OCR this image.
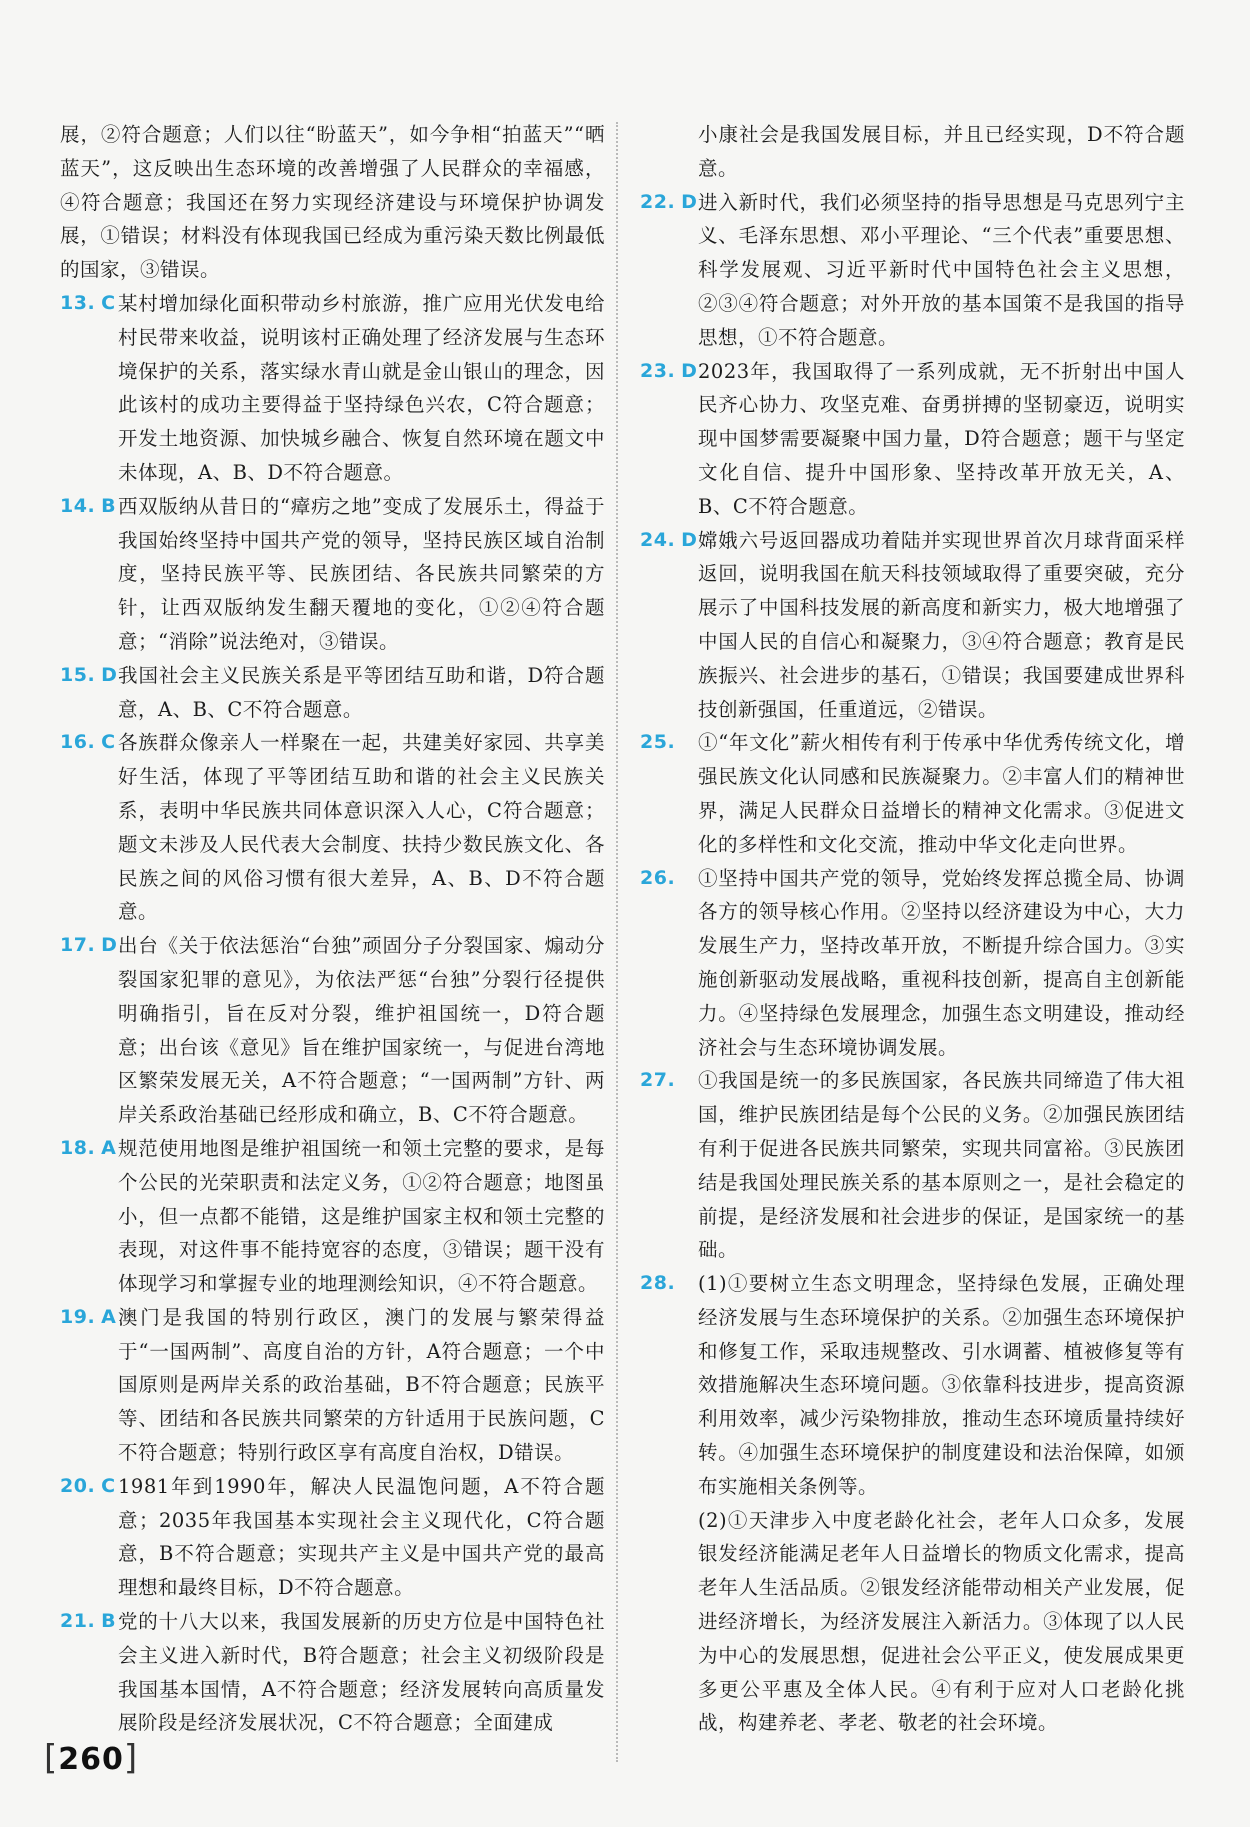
展，②符合题意；人们以往“盼蓝天”，如今争相“拍蓝天”“晒蓝天”，这反映出生态环境的改善增强了人民群众的幸福感，④符合题意；我国还在努力实现经济建设与环境保护协调发展，①错误；材料没有体现我国已经成为重污染天数比例最低的国家，③错误。

13. C 某村增加绿化面积带动乡村旅游，推广应用光伏发电给村民带来收益，说明该村正确处理了经济发展与生态环境保护的关系，落实绿水青山就是金山银山的理念，因此该村的成功主要得益于坚持绿色兴农，C符合题意；开发土地资源、加快城乡融合、恢复自然环境在题文中未体现，A、B、D不符合题意。

14. B 西双版纳从昔日的“瘴疠之地”变成了发展乐土，得益于我国始终坚持中国共产党的领导，坚持民族区域自治制度，坚持民族平等、民族团结、各民族共同繁荣的方针，让西双版纳发生翻天覆地的变化，①②④符合题意；“消除”说法绝对，③错误。

15. D 我国社会主义民族关系是平等团结互助和谐，D符合题意，A、B、C不符合题意。

16. C 各族群众像亲人一样聚在一起，共建美好家园、共享美好生活，体现了平等团结互助和谐的社会主义民族关系，表明中华民族共同体意识深入人心，C符合题意；题文未涉及人民代表大会制度、扶持少数民族文化、各民族之间的风俗习惯有很大差异，A、B、D不符合题意。

17. D 出台《关于依法惩治“台独”顽固分子分裂国家、煽动分裂国家犯罪的意见》，为依法严惩“台独”分裂行径提供明确指引，旨在反对分裂，维护祖国统一，D符合题意；出台该《意见》旨在维护国家统一，与促进台湾地区繁荣发展无关，A不符合题意；“一国两制”方针、两岸关系政治基础已经形成和确立，B、C不符合题意。

18. A 规范使用地图是维护祖国统一和领土完整的要求，是每个公民的光荣职责和法定义务，①②符合题意；地图虽小，但一点都不能错，这是维护国家主权和领土完整的表现，对这件事不能持宽容的态度，③错误；题干没有体现学习和掌握专业的地理测绘知识，④不符合题意。

19. A 澳门是我国的特别行政区，澳门的发展与繁荣得益于“一国两制”、高度自治的方针，A符合题意；一个中国原则是两岸关系的政治基础，B不符合题意；民族平等、团结和各民族共同繁荣的方针适用于民族问题，C不符合题意；特别行政区享有高度自治权，D错误。

20. C 1981年到1990年，解决人民温饱问题，A不符合题意；2035年我国基本实现社会主义现代化，C符合题意，B不符合题意；实现共产主义是中国共产党的最高理想和最终目标，D不符合题意。

21. B 党的十八大以来，我国发展新的历史方位是中国特色社会主义进入新时代，B符合题意；社会主义初级阶段是我国基本国情，A不符合题意；经济发展转向高质量发展阶段是经济发展状况，C不符合题意；全面建成

小康社会是我国发展目标，并且已经实现，D不符合题意。

22. D 进入新时代，我们必须坚持的指导思想是马克思列宁主义、毛泽东思想、邓小平理论、“三个代表”重要思想、科学发展观、习近平新时代中国特色社会主义思想，②③④符合题意；对外开放的基本国策不是我国的指导思想，①不符合题意。

23. D 2023年，我国取得了一系列成就，无不折射出中国人民齐心协力、攻坚克难、奋勇拼搏的坚韧豪迈，说明实现中国梦需要凝聚中国力量，D符合题意；题干与坚定文化自信、提升中国形象、坚持改革开放无关，A、B、C不符合题意。

24. D 嫦娥六号返回器成功着陆并实现世界首次月球背面采样返回，说明我国在航天科技领域取得了重要突破，充分展示了中国科技发展的新高度和新实力，极大地增强了中国人民的自信心和凝聚力，③④符合题意；教育是民族振兴、社会进步的基石，①错误；我国要建成世界科技创新强国，任重道远，②错误。

25. ①“年文化”薪火相传有利于传承中华优秀传统文化，增强民族文化认同感和民族凝聚力。②丰富人们的精神世界，满足人民群众日益增长的精神文化需求。③促进文化的多样性和文化交流，推动中华文化走向世界。

26. ①坚持中国共产党的领导，党始终发挥总揽全局、协调各方的领导核心作用。②坚持以经济建设为中心，大力发展生产力，坚持改革开放，不断提升综合国力。③实施创新驱动发展战略，重视科技创新，提高自主创新能力。④坚持绿色发展理念，加强生态文明建设，推动经济社会与生态环境协调发展。

27. ①我国是统一的多民族国家，各民族共同缔造了伟大祖国，维护民族团结是每个公民的义务。②加强民族团结有利于促进各民族共同繁荣，实现共同富裕。③民族团结是我国处理民族关系的基本原则之一，是社会稳定的前提，是经济发展和社会进步的保证，是国家统一的基础。

28. (1)①要树立生态文明理念，坚持绿色发展，正确处理经济发展与生态环境保护的关系。②加强生态环境保护和修复工作，采取违规整改、引水调蓄、植被修复等有效措施解决生态环境问题。③依靠科技进步，提高资源利用效率，减少污染物排放，推动生态环境质量持续好转。④加强生态环境保护的制度建设和法治保障，如颁布实施相关条例等。
(2)①天津步入中度老龄化社会，老年人口众多，发展银发经济能满足老年人日益增长的物质文化需求，提高老年人生活品质。②银发经济能带动相关产业发展，促进经济增长，为经济发展注入新活力。③体现了以人民为中心的发展思想，促进社会公平正义，使发展成果更多更公平惠及全体人民。④有利于应对人口老龄化挑战，构建养老、孝老、敬老的社会环境。

[260]
